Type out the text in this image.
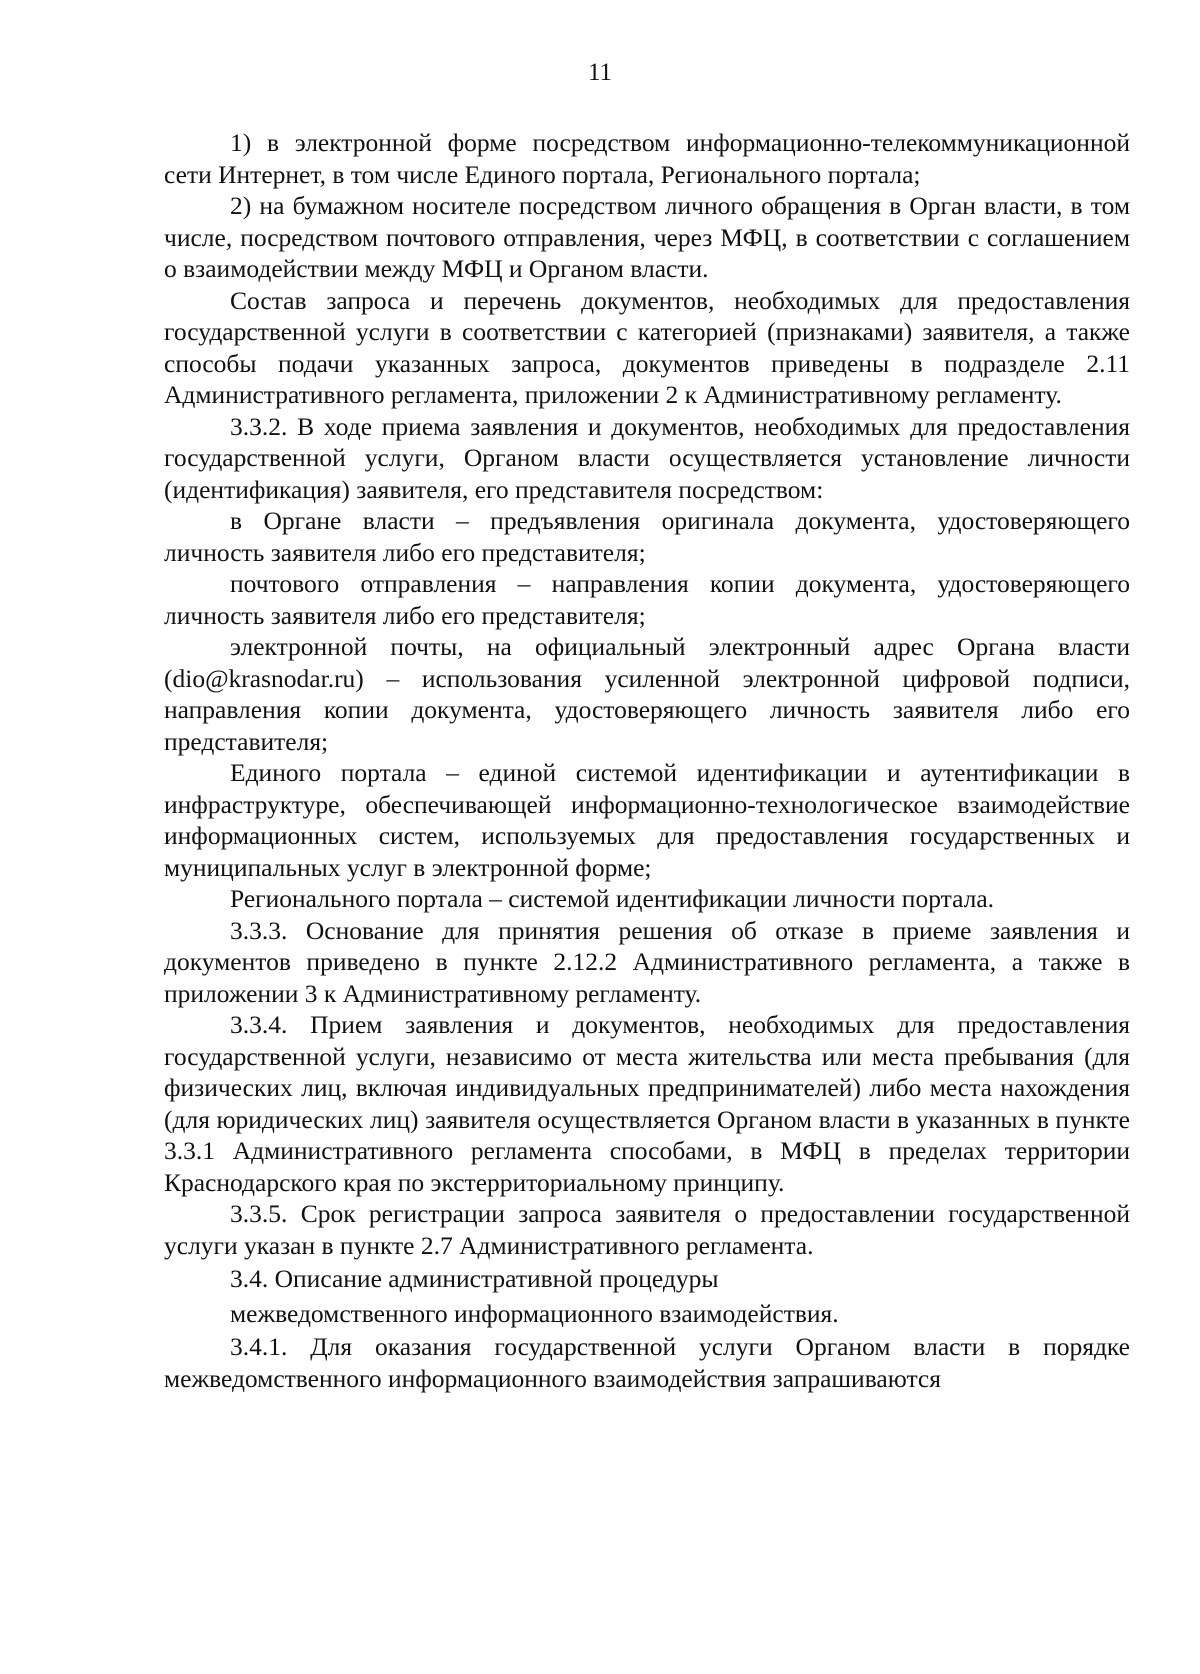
11

1) в электронной форме посредством информационно-телекоммуникационной сети Интернет, в том числе Единого портала, Регионального портала;

2) на бумажном носителе посредством личного обращения в Орган власти, в том числе, посредством почтового отправления, через МФЦ, в соответствии с соглашением о взаимодействии между МФЦ и Органом власти.

Состав запроса и перечень документов, необходимых для предоставления государственной услуги в соответствии с категорией (признаками) заявителя, а также способы подачи указанных запроса, документов приведены в подразделе 2.11 Административного регламента, приложении 2 к Административному регламенту.

3.3.2. В ходе приема заявления и документов, необходимых для предоставления государственной услуги, Органом власти осуществляется установление личности (идентификация) заявителя, его представителя посредством:

в Органе власти – предъявления оригинала документа, удостоверяющего личность заявителя либо его представителя;

почтового отправления – направления копии документа, удостоверяющего личность заявителя либо его представителя;

электронной почты, на официальный электронный адрес Органа власти (dio@krasnodar.ru) – использования усиленной электронной цифровой подписи, направления копии документа, удостоверяющего личность заявителя либо его представителя;

Единого портала – единой системой идентификации и аутентификации в инфраструктуре, обеспечивающей информационно-технологическое взаимодействие информационных систем, используемых для предоставления государственных и муниципальных услуг в электронной форме;

Регионального портала – системой идентификации личности портала.

3.3.3. Основание для принятия решения об отказе в приеме заявления и документов приведено в пункте 2.12.2 Административного регламента, а также в приложении 3 к Административному регламенту.

3.3.4. Прием заявления и документов, необходимых для предоставления государственной услуги, независимо от места жительства или места пребывания (для физических лиц, включая индивидуальных предпринимателей) либо места нахождения (для юридических лиц) заявителя осуществляется Органом власти в указанных в пункте 3.3.1 Административного регламента способами, в МФЦ в пределах территории Краснодарского края по экстерриториальному принципу.

3.3.5. Срок регистрации запроса заявителя о предоставлении государственной услуги указан в пункте 2.7 Административного регламента.

3.4. Описание административной процедуры
межведомственного информационного взаимодействия.

3.4.1. Для оказания государственной услуги Органом власти в порядке межведомственного информационного взаимодействия запрашиваются
